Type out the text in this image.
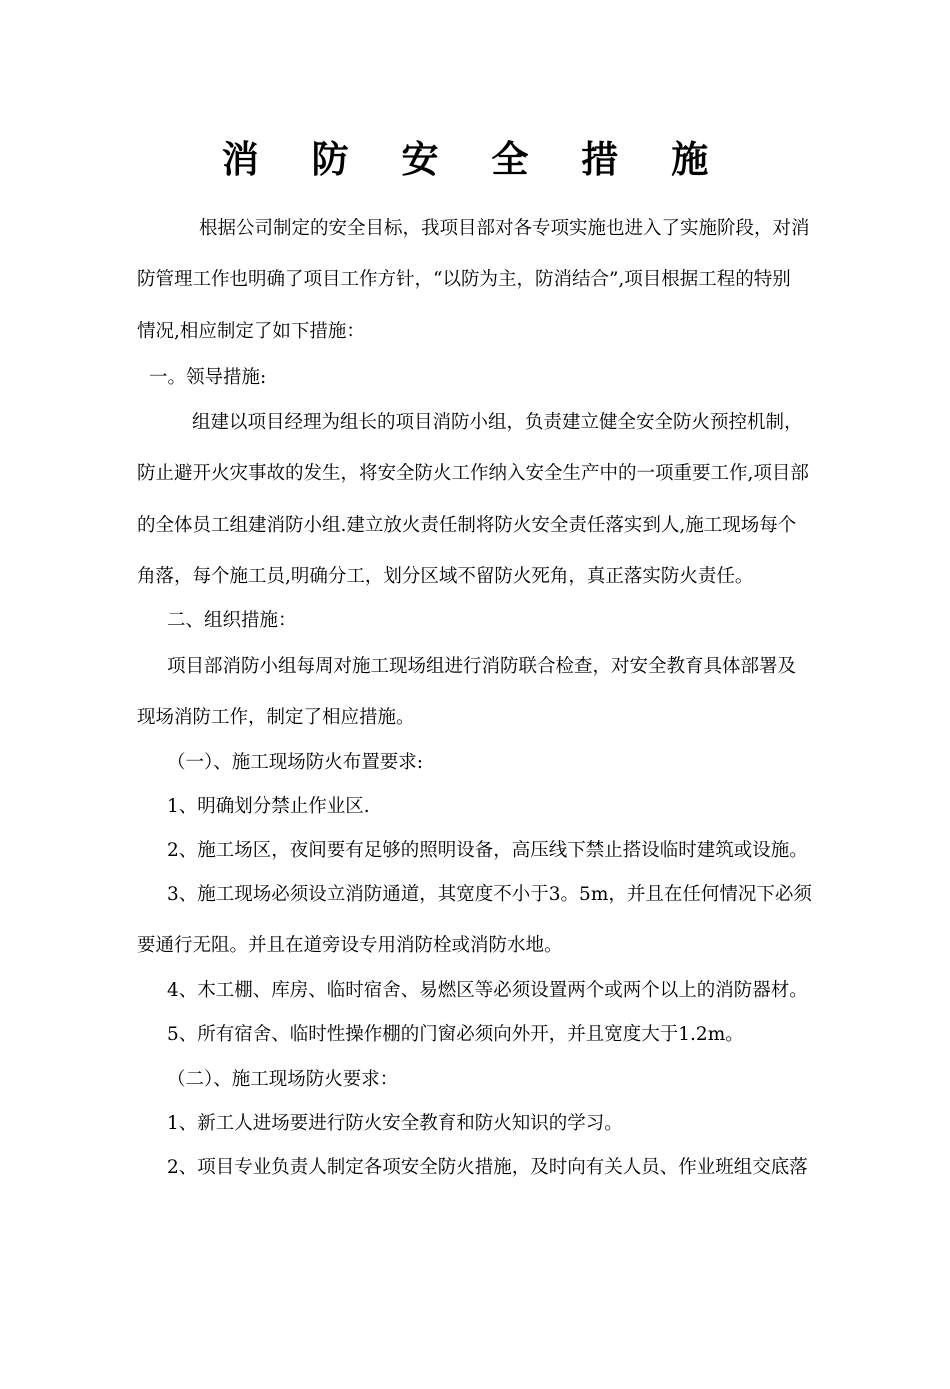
消 防 安 全 措 施
根据公司制定的安全目标，我项目部对各专项实施也进入了实施阶段，对消
防管理工作也明确了项目工作方针，“以防为主，防消结合”,项目根据工程的特别
情况,相应制定了如下措施：
一。领导措施:
组建以项目经理为组长的项目消防小组，负责建立健全安全防火预控机制，
防止避开火灾事故的发生，将安全防火工作纳入安全生产中的一项重要工作,项目部
的全体员工组建消防小组.建立放火责任制将防火安全责任落实到人,施工现场每个
角落，每个施工员,明确分工，划分区域不留防火死角，真正落实防火责任。
二、组织措施：
项目部消防小组每周对施工现场组进行消防联合检查，对安全教育具体部署及
现场消防工作，制定了相应措施。
（一）、施工现场防火布置要求:
1、明确划分禁止作业区.
2、施工场区，夜间要有足够的照明设备，高压线下禁止搭设临时建筑或设施。
3、施工现场必须设立消防通道，其宽度不小于3。5m，并且在任何情况下必须
要通行无阻。并且在道旁设专用消防栓或消防水地。
4、木工棚、库房、临时宿舍、易燃区等必须设置两个或两个以上的消防器材。
5、所有宿舍、临时性操作棚的门窗必须向外开，并且宽度大于1.2m。
（二）、施工现场防火要求：
1、新工人进场要进行防火安全教育和防火知识的学习。
2、项目专业负责人制定各项安全防火措施，及时向有关人员、作业班组交底落
